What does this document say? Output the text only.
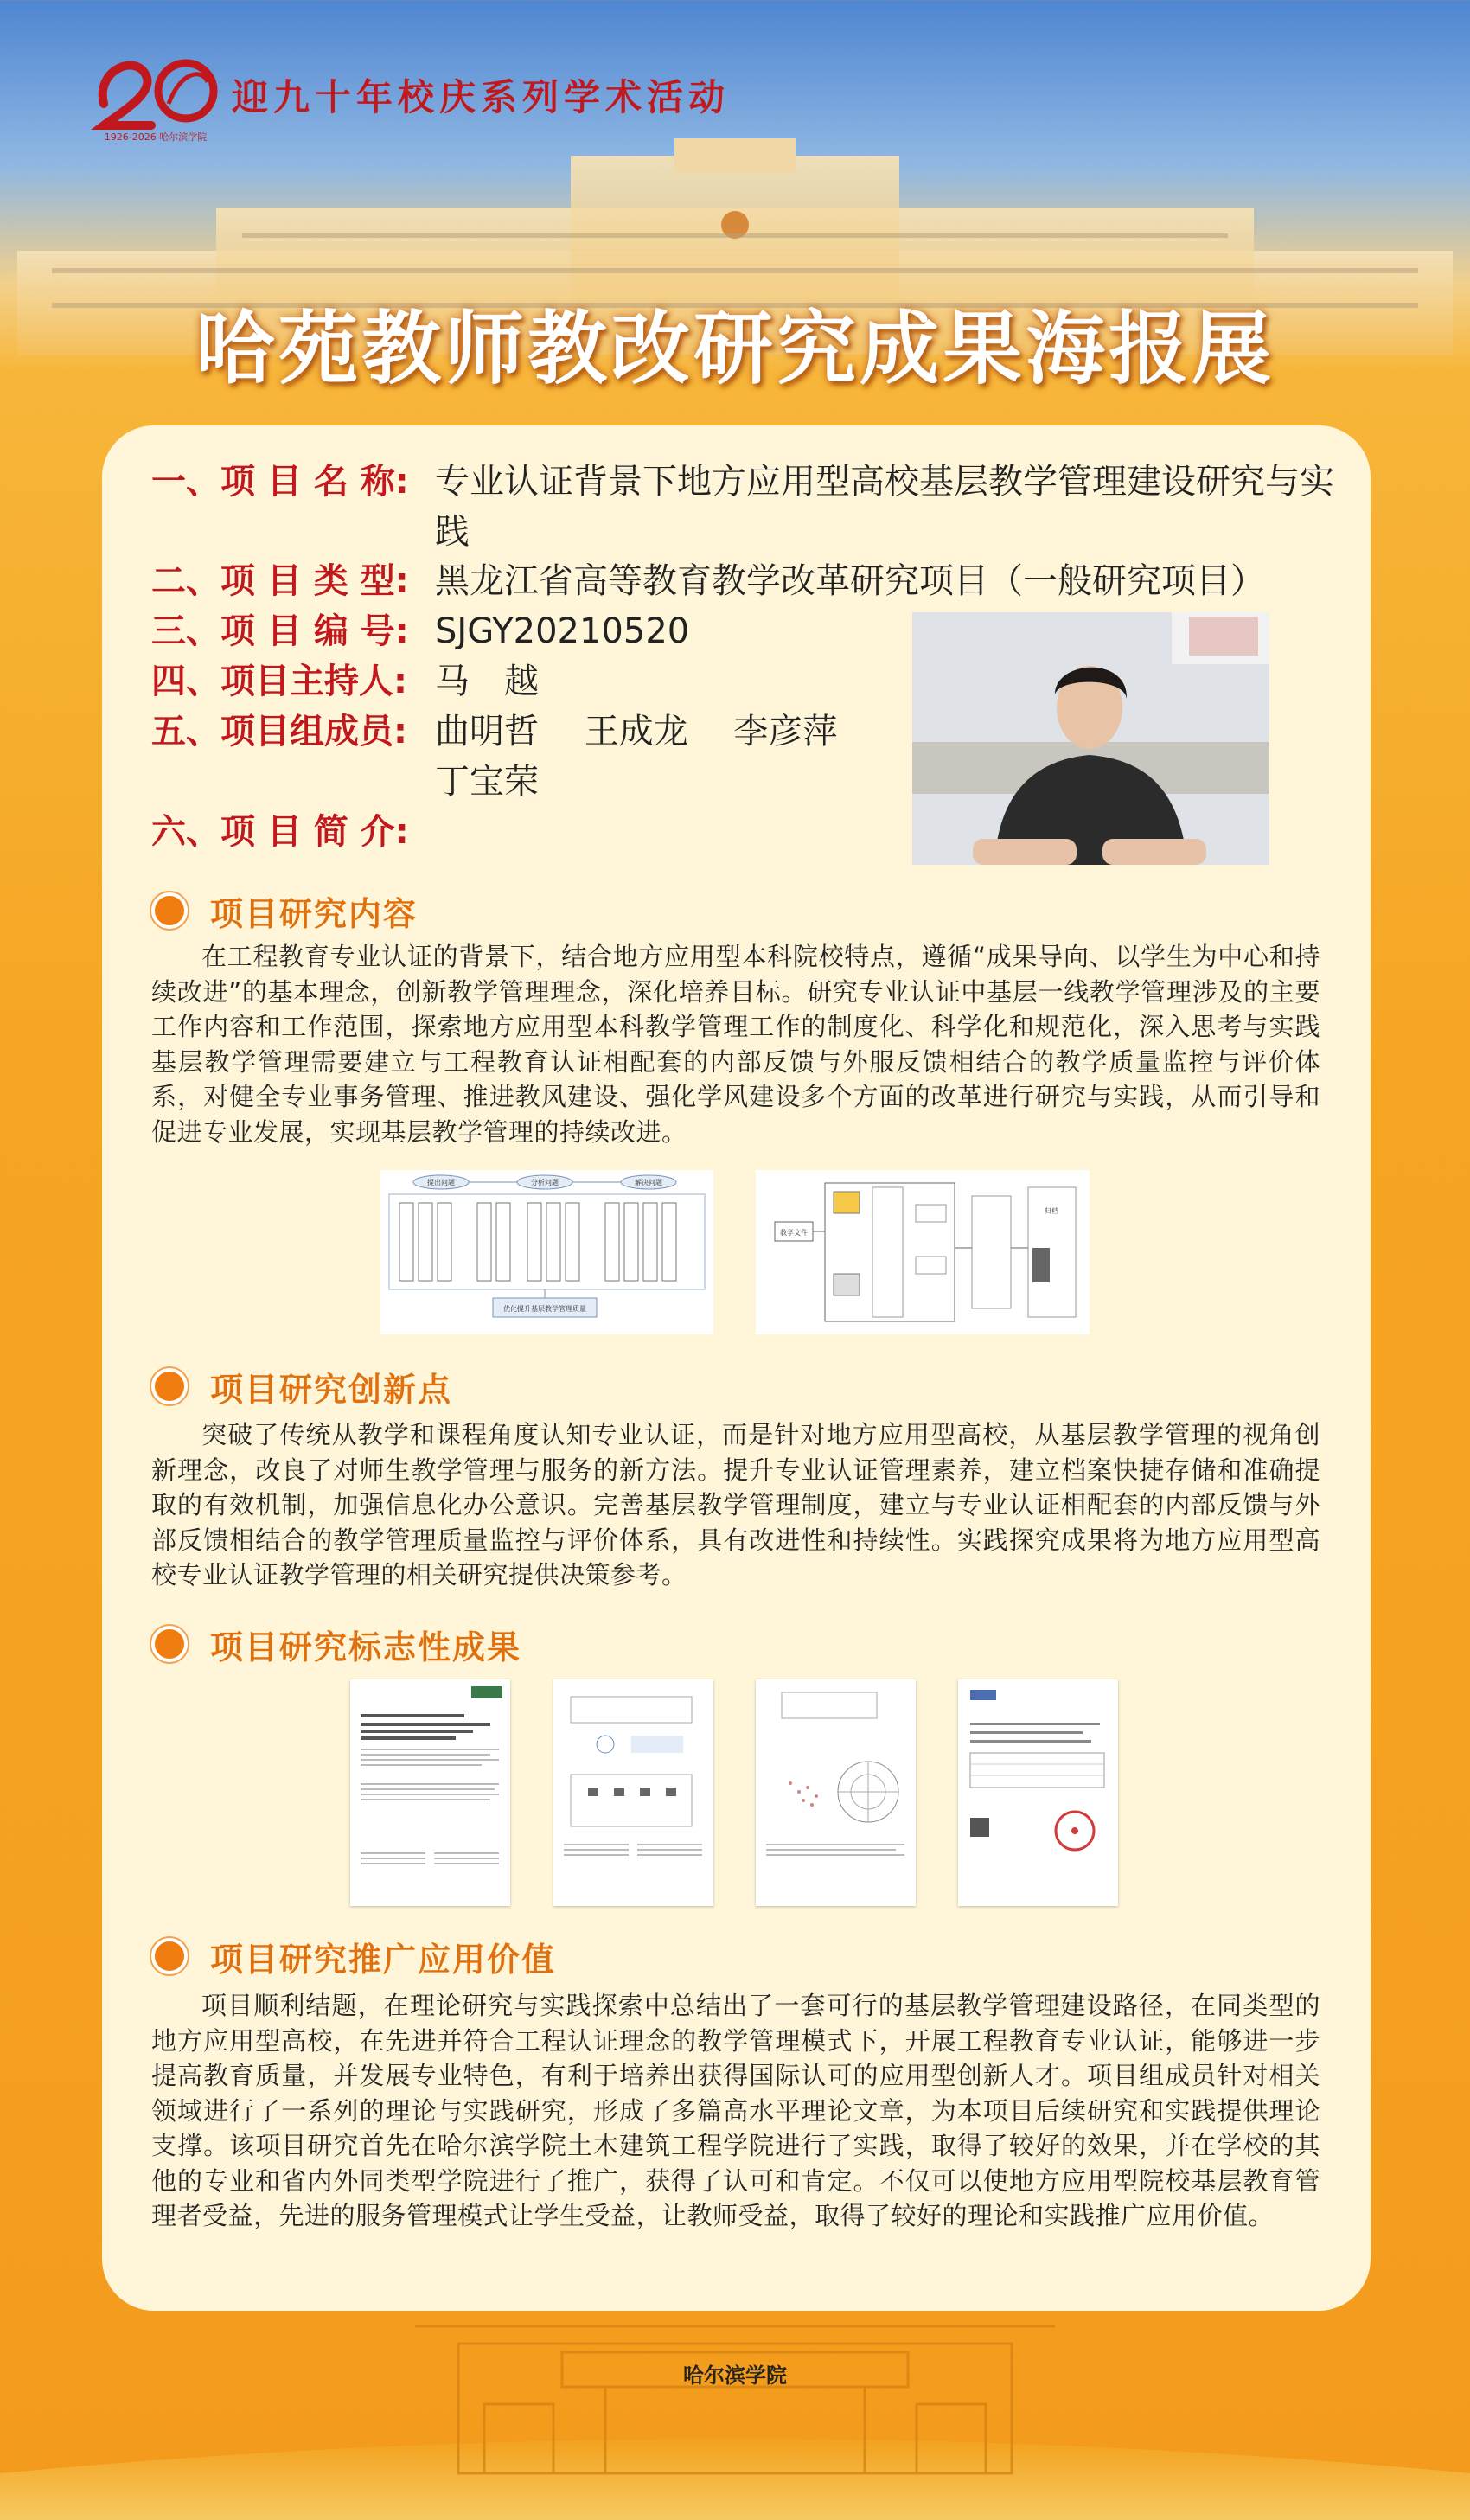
1926-2026 哈尔滨学院
迎九十年校庆系列学术活动
哈苑教师教改研究成果海报展
一、项 目 名 称: 专业认证背景下地方应用型高校基层教学管理建设研究与实践
二、项 目 类 型: 黑龙江省高等教育教学改革研究项目（一般研究项目）
三、项 目 编 号: SJGY20210520
四、项目主持人: 马　越
五、项目组成员: 曲明哲　 王成龙　 李彦萍
丁宝荣
六、项 目 简 介:
项目研究内容
在工程教育专业认证的背景下，结合地方应用型本科院校特点，遵循“成果导向、以学生为中心和持续改进”的基本理念，创新教学管理理念，深化培养目标。研究专业认证中基层一线教学管理涉及的主要工作内容和工作范围，探索地方应用型本科教学管理工作的制度化、科学化和规范化，深入思考与实践基层教学管理需要建立与工程教育认证相配套的内部反馈与外服反馈相结合的教学质量监控与评价体系，对健全专业事务管理、推进教风建设、强化学风建设多个方面的改革进行研究与实践，从而引导和促进专业发展，实现基层教学管理的持续改进。
提出问题	分析问题	解决问题
优化提升基层教学管理质量
教学文件
归档
项目研究创新点
突破了传统从教学和课程角度认知专业认证，而是针对地方应用型高校，从基层教学管理的视角创新理念，改良了对师生教学管理与服务的新方法。提升专业认证管理素养，建立档案快捷存储和准确提取的有效机制，加强信息化办公意识。完善基层教学管理制度，建立与专业认证相配套的内部反馈与外部反馈相结合的教学管理质量监控与评价体系，具有改进性和持续性。实践探究成果将为地方应用型高校专业认证教学管理的相关研究提供决策参考。
项目研究标志性成果
项目研究推广应用价值
项目顺利结题，在理论研究与实践探索中总结出了一套可行的基层教学管理建设路径，在同类型的地方应用型高校，在先进并符合工程认证理念的教学管理模式下，开展工程教育专业认证，能够进一步提高教育质量，并发展专业特色，有利于培养出获得国际认可的应用型创新人才。项目组成员针对相关领域进行了一系列的理论与实践研究，形成了多篇高水平理论文章，为本项目后续研究和实践提供理论支撑。该项目研究首先在哈尔滨学院土木建筑工程学院进行了实践，取得了较好的效果，并在学校的其他的专业和省内外同类型学院进行了推广，获得了认可和肯定。不仅可以使地方应用型院校基层教育管理者受益，先进的服务管理模式让学生受益，让教师受益，取得了较好的理论和实践推广应用价值。
哈尔滨学院
